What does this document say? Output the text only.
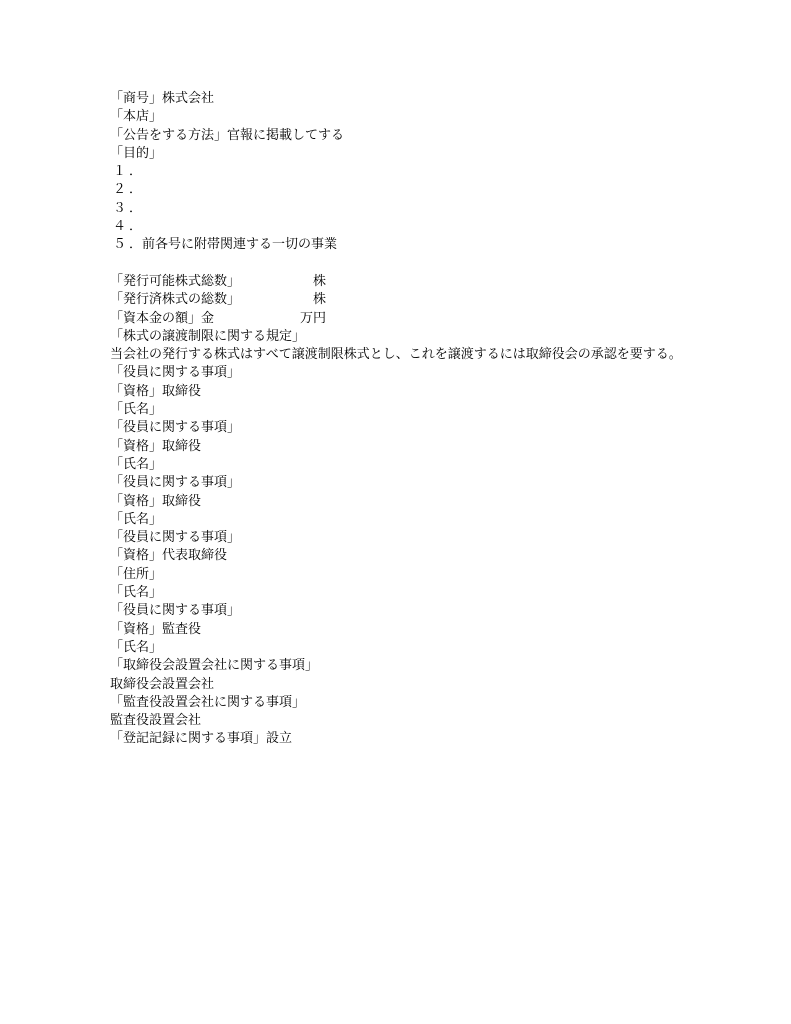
「商号」株式会社
「本店」
「公告をする方法」官報に掲載してする
「目的」
１ ．
２ ．
３ ．
４ ．
５ ．前各号に附帯関連する一切の事業
「発行可能株式総数」	株
「発行済株式の総数」	株
「資本金の額」金	万円
「株式の譲渡制限に関する規定」
当会社の発行する株式はすべて譲渡制限株式とし、これを譲渡するには取締役会の承認を要する。
「役員に関する事項」
「資格」取締役
「氏名」
「役員に関する事項」
「資格」取締役
「氏名」
「役員に関する事項」
「資格」取締役
「氏名」
「役員に関する事項」
「資格」代表取締役
「住所」
「氏名」
「役員に関する事項」
「資格」監査役
「氏名」
「取締役会設置会社に関する事項」
取締役会設置会社
「監査役設置会社に関する事項」
監査役設置会社
「登記記録に関する事項」設立
